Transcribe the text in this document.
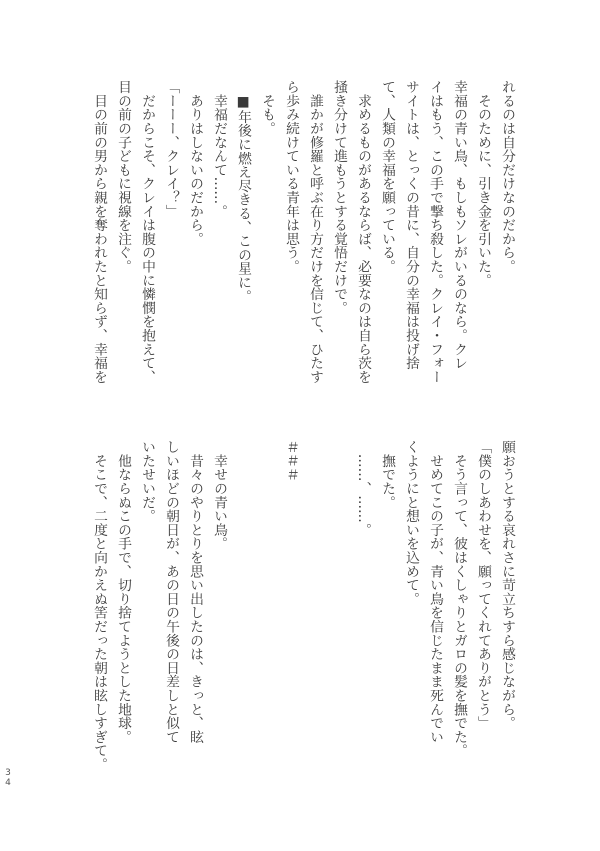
れるのは自分だけなのだから。
　そのために、引き金を引いた。
幸福の青い鳥、もしもソレがいるのなら。クレ
イはもう、この手で撃ち殺した。クレイ・フォー
サイトは、とっくの昔に、自分の幸福は投げ捨
て、人類の幸福を願っている。
　求めるものがあるならば、必要なのは自ら茨を
掻き分けて進もうとする覚悟だけで。
　誰かが修羅と呼ぶ在り方だけを信じて、ひたす
ら歩み続けている青年は思う。
　そも。
　■年後に燃え尽きる、この星に。
　幸福だなんて……。
　ありはしないのだから。
「ーーー、クレイ？」
　だからこそ、クレイは腹の中に憐憫を抱えて、
目の前の子どもに視線を注ぐ。
　目の前の男から親を奪われたと知らず、幸福を
願おうとする哀れさに苛立ちすら感じながら。
「僕のしあわせを、願ってくれてありがとう」
　そう言って、彼はくしゃりとガロの髪を撫でた。
　せめてこの子が、青い鳥を信じたまま死んでい
くようにと想いを込めて。
　撫でた。
　……、……。
＃＃＃
　幸せの青い鳥。
　昔々のやりとりを思い出したのは、きっと、眩
しいほどの朝日が、あの日の午後の日差しと似て
いたせいだ。
　他ならぬこの手で、切り捨てようとした地球。
　そこで、二度と向かえぬ筈だった朝は眩しすぎて。
34
